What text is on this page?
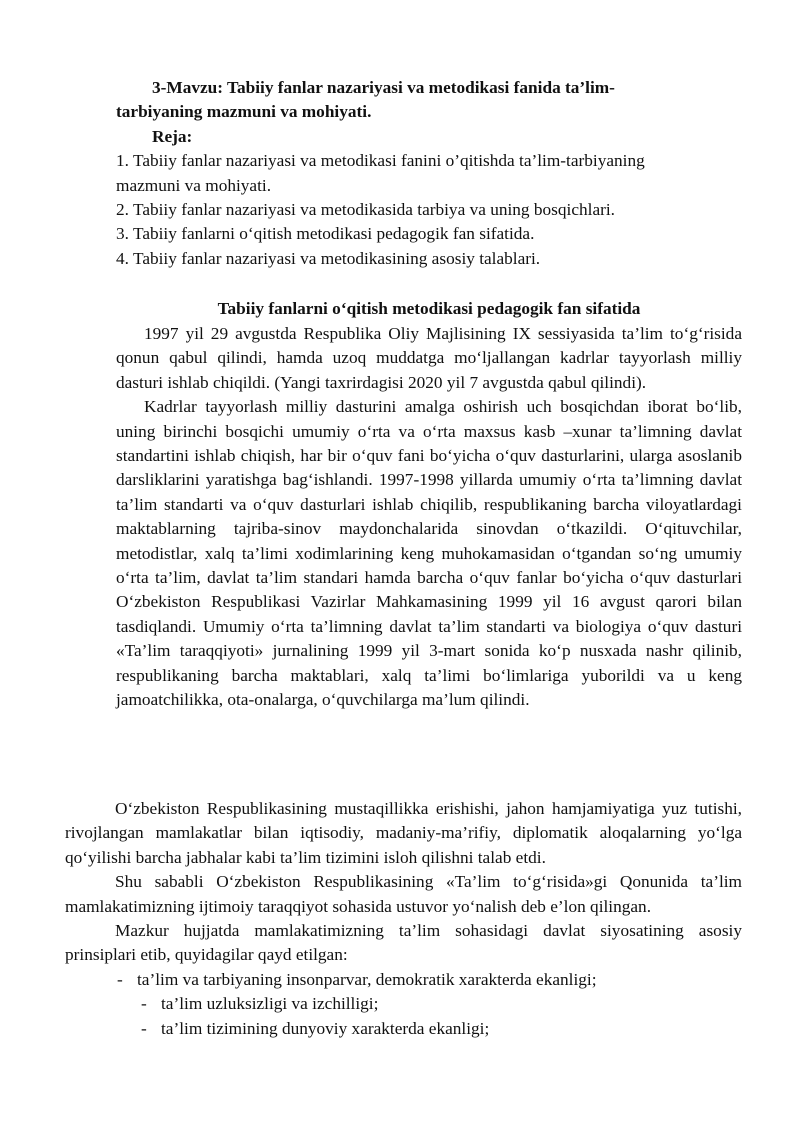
3-Mavzu: Tabiiy fanlar nazariyasi va metodikasi fanida ta’lim-tarbiyaning mazmuni va mohiyati.

Reja:

1. Tabiiy fanlar nazariyasi va metodikasi fanini o’qitishda ta’lim-tarbiyaning mazmuni va mohiyati.
2. Tabiiy fanlar nazariyasi va metodikasida tarbiya va uning bosqichlari.
3. Tabiiy fanlarni o‘qitish metodikasi pedagogik fan sifatida.
4. Tabiiy fanlar nazariyasi va metodikasining asosiy talablari.

Tabiiy fanlarni o‘qitish metodikasi pedagogik fan sifatida

1997 yil 29 avgustda Respublika Oliy Majlisining IX sessiyasida ta’lim to‘g‘risida qonun qabul qilindi, hamda uzoq muddatga mo‘ljallangan kadrlar tayyorlash milliy dasturi ishlab chiqildi. (Yangi taxrirdagisi 2020 yil 7 avgustda qabul qilindi).

Kadrlar tayyorlash milliy dasturini amalga oshirish uch bosqichdan iborat bo‘lib, uning birinchi bosqichi umumiy o‘rta va o‘rta maxsus kasb –xunar ta’limning davlat standartini ishlab chiqish, har bir o‘quv fani bo‘yicha o‘quv dasturlarini, ularga asoslanib darsliklarini yaratishga bag‘ishlandi. 1997-1998 yillarda umumiy o‘rta ta’limning davlat ta’lim standarti va o‘quv dasturlari ishlab chiqilib, respublikaning barcha viloyatlardagi maktablarning tajriba-sinov maydonchalarida sinovdan o‘tkazildi. O‘qituvchilar, metodistlar, xalq ta’limi xodimlarining keng muhokamasidan o‘tgandan so‘ng umumiy o‘rta ta’lim, davlat ta’lim standari hamda barcha o‘quv fanlar bo‘yicha o‘quv dasturlari O‘zbekiston Respublikasi Vazirlar Mahkamasining 1999 yil 16 avgust qarori bilan tasdiqlandi. Umumiy o‘rta ta’limning davlat ta’lim standarti va biologiya o‘quv dasturi «Ta’lim taraqqiyoti» jurnalining 1999 yil 3-mart sonida ko‘p nusxada nashr qilinib, respublikaning barcha maktablari, xalq ta’limi bo‘limlariga yuborildi va u keng jamoatchilikka, ota-onalarga, o‘quvchilarga ma’lum qilindi.

O‘zbekiston Respublikasining mustaqillikka erishishi, jahon hamjamiyatiga yuz tutishi, rivojlangan mamlakatlar bilan iqtisodiy, madaniy-ma’rifiy, diplomatik aloqalarning yo‘lga qo‘yilishi barcha jabhalar kabi ta’lim tizimini isloh qilishni talab etdi.

Shu sababli O‘zbekiston Respublikasining «Ta’lim to‘g‘risida»gi Qonunida ta’lim mamlakatimizning ijtimoiy taraqqiyot sohasida ustuvor yo‘nalish deb e’lon qilingan.

Mazkur hujjatda mamlakatimizning ta’lim sohasidagi davlat siyosatining asosiy prinsiplari etib, quyidagilar qayd etilgan:

- ta’lim va tarbiyaning insonparvar, demokratik xarakterda ekanligi;
- ta’lim uzluksizligi va izchilligi;
- ta’lim tizimining dunyoviy xarakterda ekanligi;
